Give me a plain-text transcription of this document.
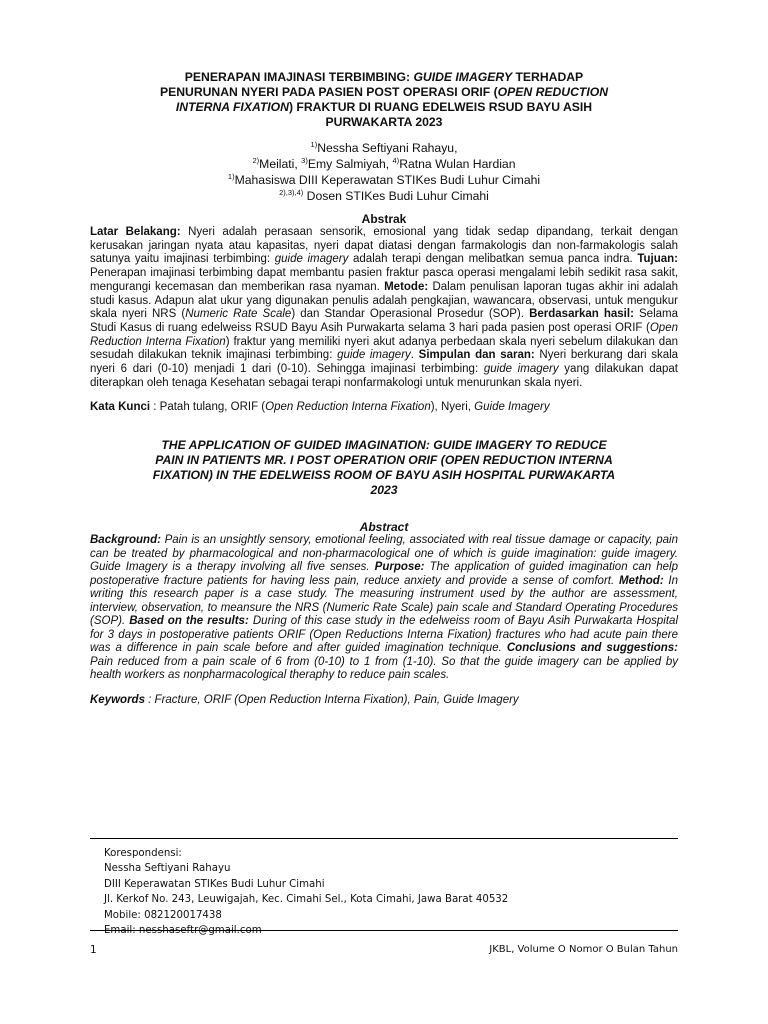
PENERAPAN IMAJINASI TERBIMBING: GUIDE IMAGERY TERHADAP
PENURUNAN NYERI PADA PASIEN POST OPERASI ORIF (OPEN REDUCTION
INTERNA FIXATION) FRAKTUR DI RUANG EDELWEIS RSUD BAYU ASIH
PURWAKARTA 2023
$^{1)}$Nessha Seftiyani Rahayu,
$^{2)}$Meilati, $^{3)}$Emy Salmiyah, $^{4)}$Ratna Wulan Hardian
$^{1)}$Mahasiswa DIII Keperawatan STIKes Budi Luhur Cimahi
$^{2),3),4)}$ Dosen STIKes Budi Luhur Cimahi
Abstrak

Latar Belakang: Nyeri adalah perasaan sensorik, emosional yang tidak sedap dipandang, terkait dengan kerusakan jaringan nyata atau kapasitas, nyeri dapat diatasi dengan farmakologis dan non-farmakologis salah satunya yaitu imajinasi terbimbing: guide imagery adalah terapi dengan melibatkan semua panca indra. Tujuan: Penerapan imajinasi terbimbing dapat membantu pasien fraktur pasca operasi mengalami lebih sedikit rasa sakit, mengurangi kecemasan dan memberikan rasa nyaman. Metode: Dalam penulisan laporan tugas akhir ini adalah studi kasus. Adapun alat ukur yang digunakan penulis adalah pengkajian, wawancara, observasi, untuk mengukur skala nyeri NRS (Numeric Rate Scale) dan Standar Operasional Prosedur (SOP). Berdasarkan hasil: Selama Studi Kasus di ruang edelweiss RSUD Bayu Asih Purwakarta selama 3 hari pada pasien post operasi ORIF (Open Reduction Interna Fixation) fraktur yang memiliki nyeri akut adanya perbedaan skala nyeri sebelum dilakukan dan sesudah dilakukan teknik imajinasi terbimbing: guide imagery. Simpulan dan saran: Nyeri berkurang dari skala nyeri 6 dari (0-10) menjadi 1 dari (0-10). Sehingga imajinasi terbimbing: guide imagery yang dilakukan dapat diterapkan oleh tenaga Kesehatan sebagai terapi nonfarmakologi untuk menurunkan skala nyeri.

Kata Kunci : Patah tulang, ORIF (Open Reduction Interna Fixation), Nyeri, Guide Imagery
THE APPLICATION OF GUIDED IMAGINATION: GUIDE IMAGERY TO REDUCE
PAIN IN PATIENTS MR. I POST OPERATION ORIF (OPEN REDUCTION INTERNA
FIXATION) IN THE EDELWEISS ROOM OF BAYU ASIH HOSPITAL PURWAKARTA
2023
Abstract

Background: Pain is an unsightly sensory, emotional feeling, associated with real tissue damage or capacity, pain can be treated by pharmacological and non-pharmacological one of which is guide imagination: guide imagery. Guide Imagery is a therapy involving all five senses. Purpose: The application of guided imagination can help postoperative fracture patients for having less pain, reduce anxiety and provide a sense of comfort. Method: In writing this research paper is a case study. The measuring instrument used by the author are assessment, interview, observation, to meansure the NRS (Numeric Rate Scale) pain scale and Standard Operating Procedures (SOP). Based on the results: During of this case study in the edelweiss room of Bayu Asih Purwakarta Hospital for 3 days in postoperative patients ORIF (Open Reductions Interna Fixation) fractures who had acute pain there was a difference in pain scale before and after guided imagination technique. Conclusions and suggestions: Pain reduced from a pain scale of 6 from (0-10) to 1 from (1-10). So that the guide imagery can be applied by health workers as nonpharmacological theraphy to reduce pain scales.

Keywords : Fracture, ORIF (Open Reduction Interna Fixation), Pain, Guide Imagery
Korespondensi:
Nessha Seftiyani Rahayu
DIII Keperawatan STIKes Budi Luhur Cimahi
Jl. Kerkof No. 243, Leuwigajah, Kec. Cimahi Sel., Kota Cimahi, Jawa Barat 40532
Mobile: 082120017438
Email: nesshaseftr@gmail.com
1	JKBL, Volume O Nomor O Bulan Tahun
